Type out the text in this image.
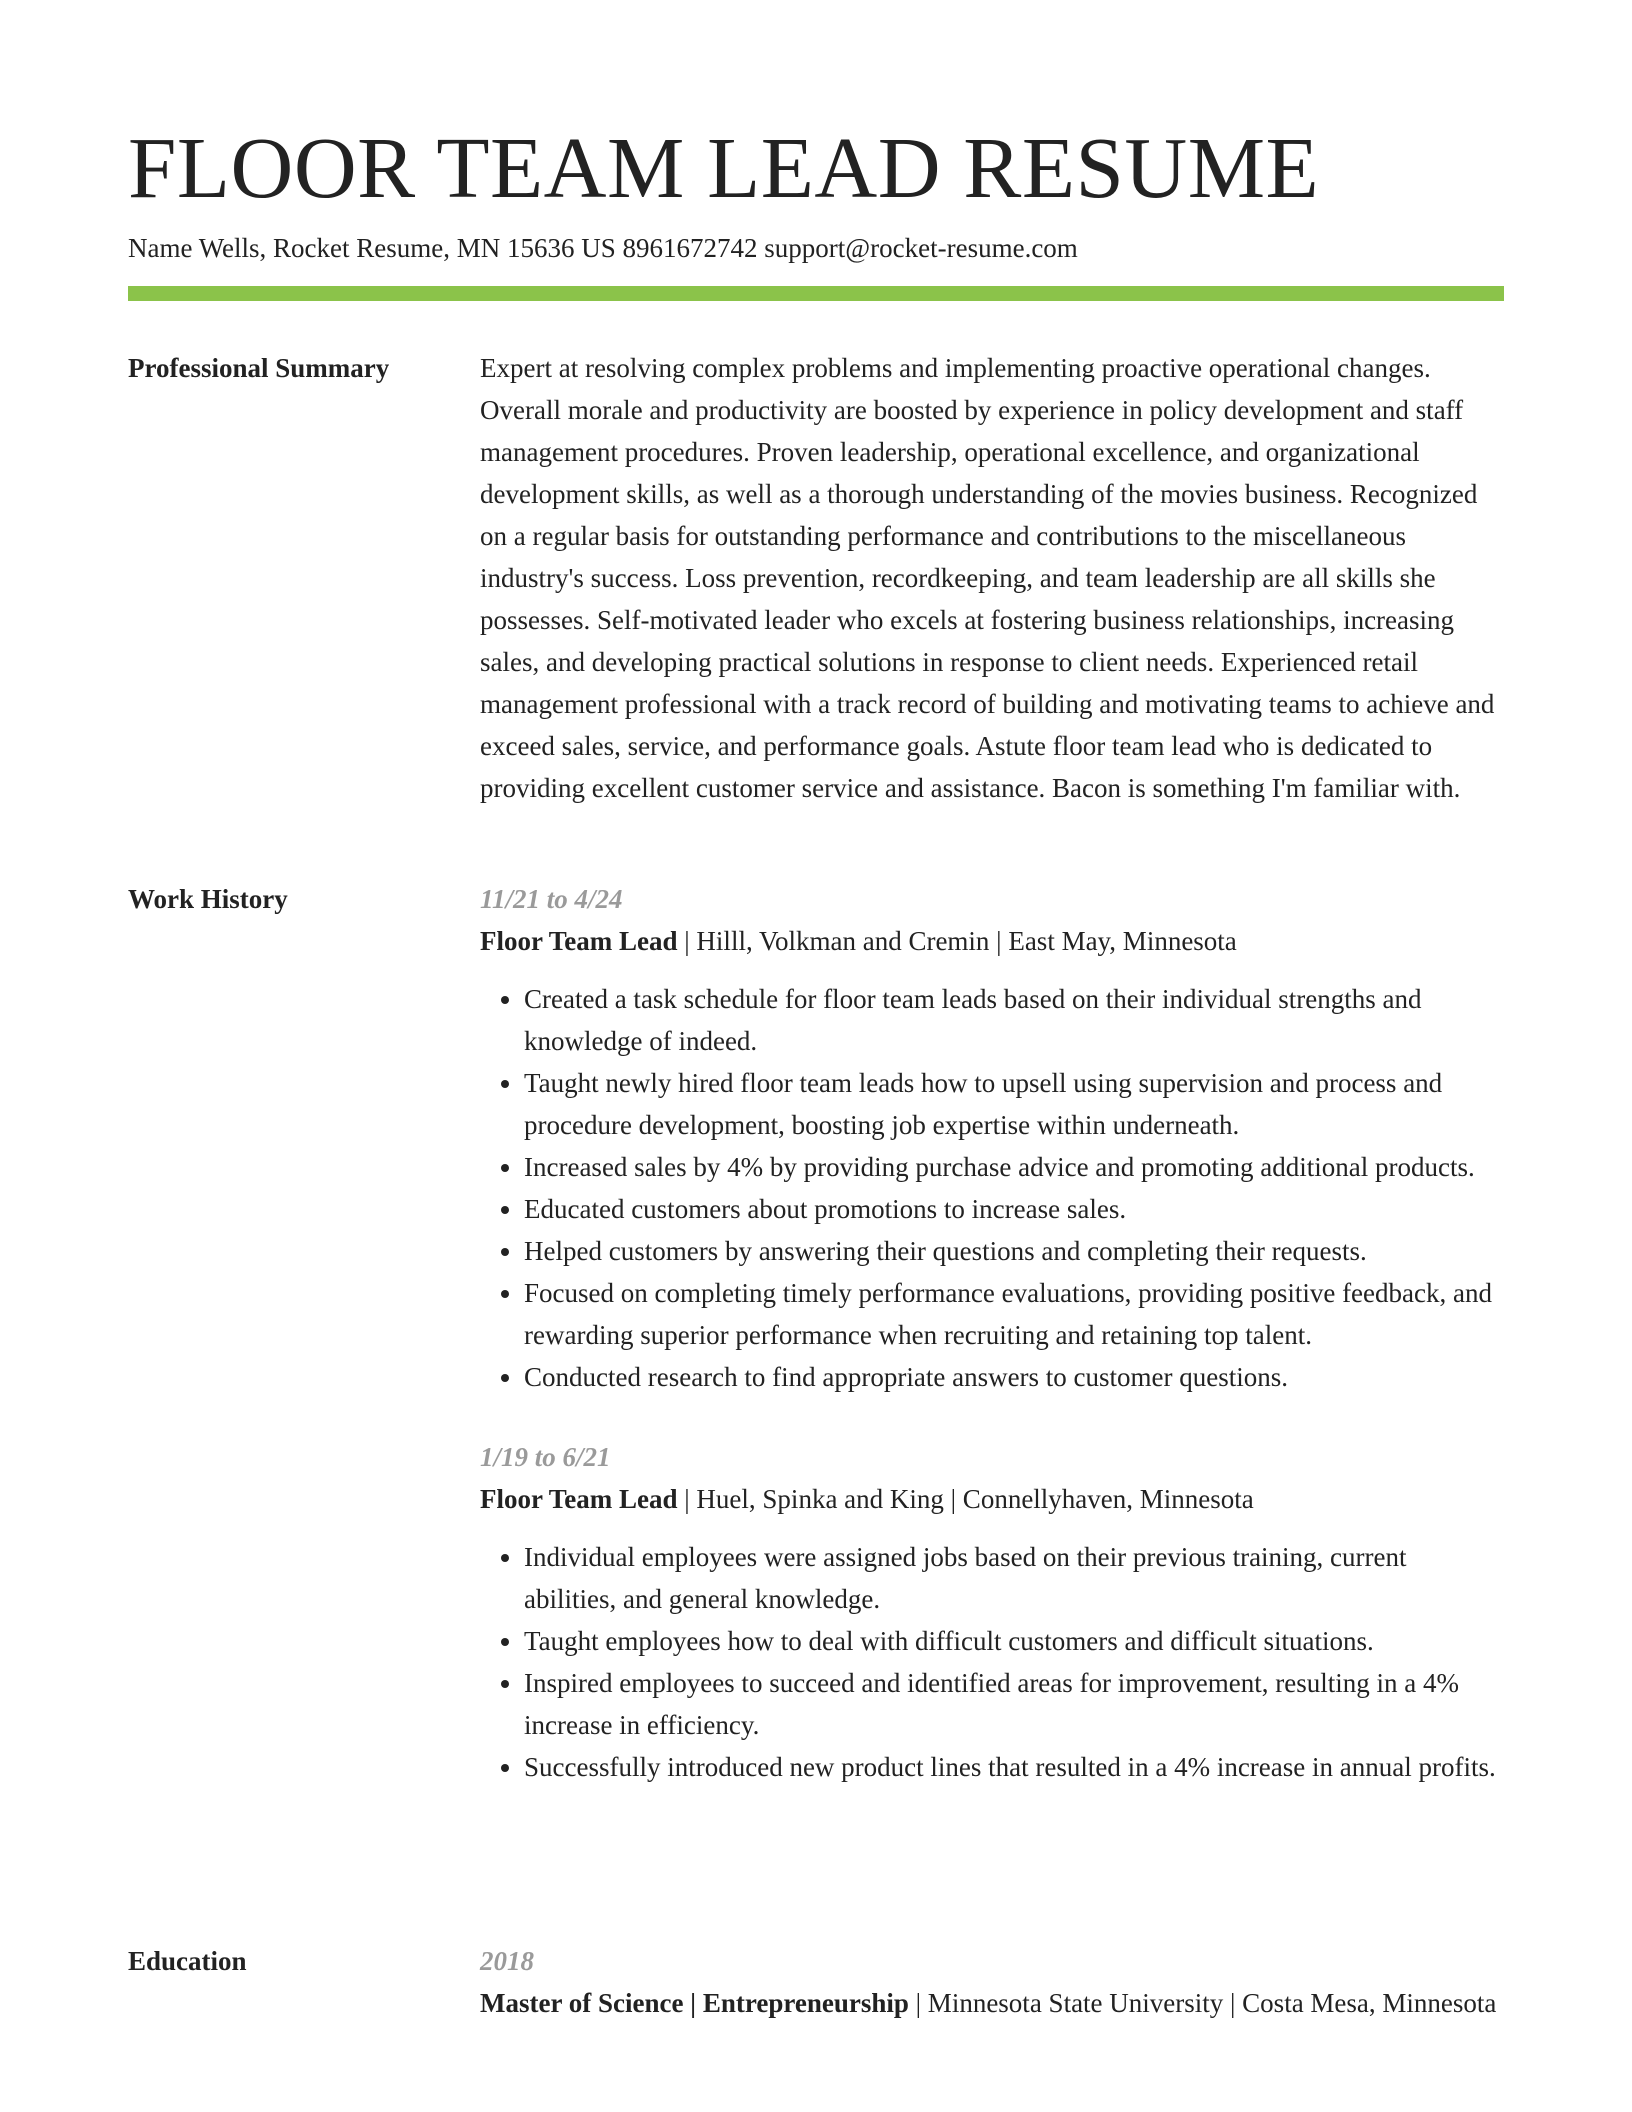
FLOOR TEAM LEAD RESUME
Name Wells, Rocket Resume, MN 15636 US 8961672742 support@rocket-resume.com
Professional Summary	Expert at resolving complex problems and implementing proactive operational changes. Overall morale and productivity are boosted by experience in policy development and staff management procedures. Proven leadership, operational excellence, and organizational development skills, as well as a thorough understanding of the movies business. Recognized on a regular basis for outstanding performance and contributions to the miscellaneous industry's success. Loss prevention, recordkeeping, and team leadership are all skills she possesses. Self-motivated leader who excels at fostering business relationships, increasing sales, and developing practical solutions in response to client needs. Experienced retail management professional with a track record of building and motivating teams to achieve and exceed sales, service, and performance goals. Astute floor team lead who is dedicated to providing excellent customer service and assistance. Bacon is something I'm familiar with.

Work History	11/21 to 4/24
Floor Team Lead | Hilll, Volkman and Cremin | East May, Minnesota
• Created a task schedule for floor team leads based on their individual strengths and knowledge of indeed.
• Taught newly hired floor team leads how to upsell using supervision and process and procedure development, boosting job expertise within underneath.
• Increased sales by 4% by providing purchase advice and promoting additional products.
• Educated customers about promotions to increase sales.
• Helped customers by answering their questions and completing their requests.
• Focused on completing timely performance evaluations, providing positive feedback, and rewarding superior performance when recruiting and retaining top talent.
• Conducted research to find appropriate answers to customer questions.
1/19 to 6/21
Floor Team Lead | Huel, Spinka and King | Connellyhaven, Minnesota
• Individual employees were assigned jobs based on their previous training, current abilities, and general knowledge.
• Taught employees how to deal with difficult customers and difficult situations.
• Inspired employees to succeed and identified areas for improvement, resulting in a 4% increase in efficiency.
• Successfully introduced new product lines that resulted in a 4% increase in annual profits.
Education	2018
Master of Science | Entrepreneurship | Minnesota State University | Costa Mesa, Minnesota
